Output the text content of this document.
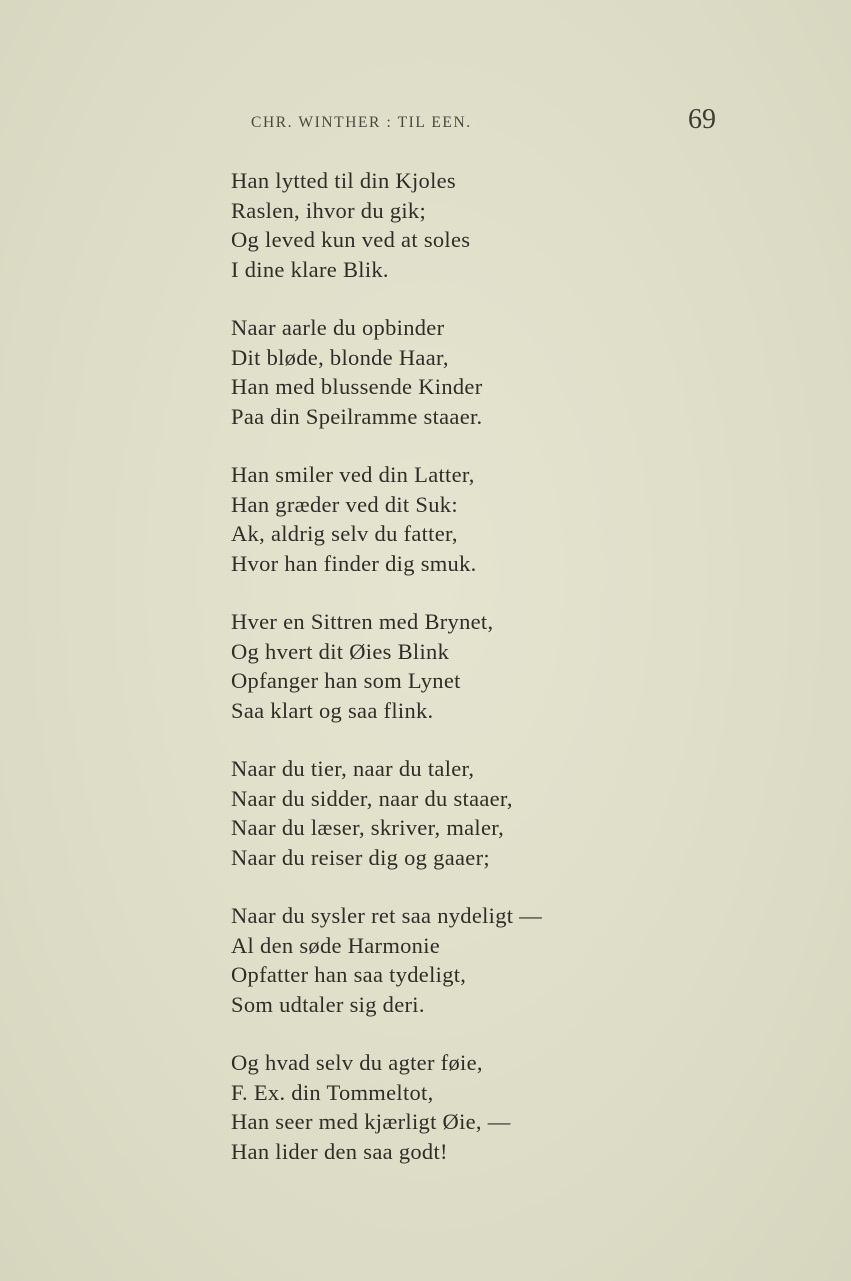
CHR. WINTHER : TIL EEN.	69
Han lytted til din Kjoles
Raslen, ihvor du gik;
Og leved kun ved at soles
I dine klare Blik.
Naar aarle du opbinder
Dit bløde, blonde Haar,
Han med blussende Kinder
Paa din Speilramme staaer.
Han smiler ved din Latter,
Han græder ved dit Suk:
Ak, aldrig selv du fatter,
Hvor han finder dig smuk.
Hver en Sittren med Brynet,
Og hvert dit Øies Blink
Opfanger han som Lynet
Saa klart og saa flink.
Naar du tier, naar du taler,
Naar du sidder, naar du staaer,
Naar du læser, skriver, maler,
Naar du reiser dig og gaaer;
Naar du sysler ret saa nydeligt —
Al den søde Harmonie
Opfatter han saa tydeligt,
Som udtaler sig deri.
Og hvad selv du agter føie,
F. Ex. din Tommeltot,
Han seer med kjærligt Øie, —
Han lider den saa godt!
